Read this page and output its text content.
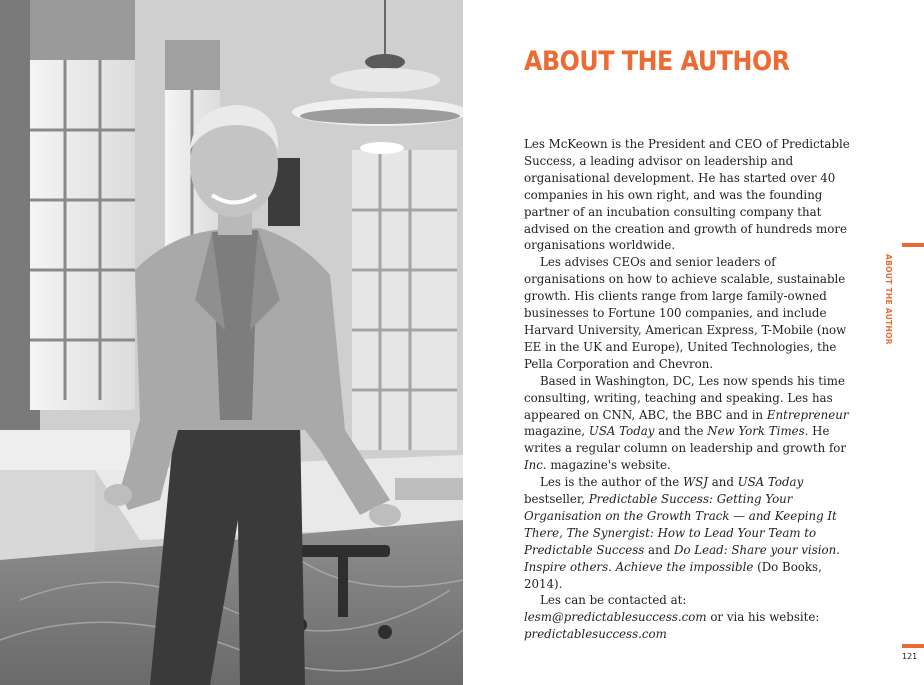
ABOUT THE AUTHOR

Les McKeown is the President and CEO of Predictable Success, a leading advisor on leadership and organisational development. He has started over 40 companies in his own right, and was the founding partner of an incubation consulting company that advised on the creation and growth of hundreds more organisations worldwide.

Les advises CEOs and senior leaders of organisations on how to achieve scalable, sustainable growth. His clients range from large family-owned businesses to Fortune 100 companies, and include Harvard University, American Express, T-Mobile (now EE in the UK and Europe), United Technologies, the Pella Corporation and Chevron.

Based in Washington, DC, Les now spends his time consulting, writing, teaching and speaking. Les has appeared on CNN, ABC, the BBC and in Entrepreneur magazine, USA Today and the New York Times. He writes a regular column on leadership and growth for Inc. magazine's website.

Les is the author of the WSJ and USA Today bestseller, Predictable Success: Getting Your Organisation on the Growth Track — and Keeping It There, The Synergist: How to Lead Your Team to Predictable Success and Do Lead: Share your vision. Inspire others. Achieve the impossible (Do Books, 2014).

Les can be contacted at: lesm@predictablesuccess.com or via his website: predictablesuccess.com

ABOUT THE AUTHOR
121
